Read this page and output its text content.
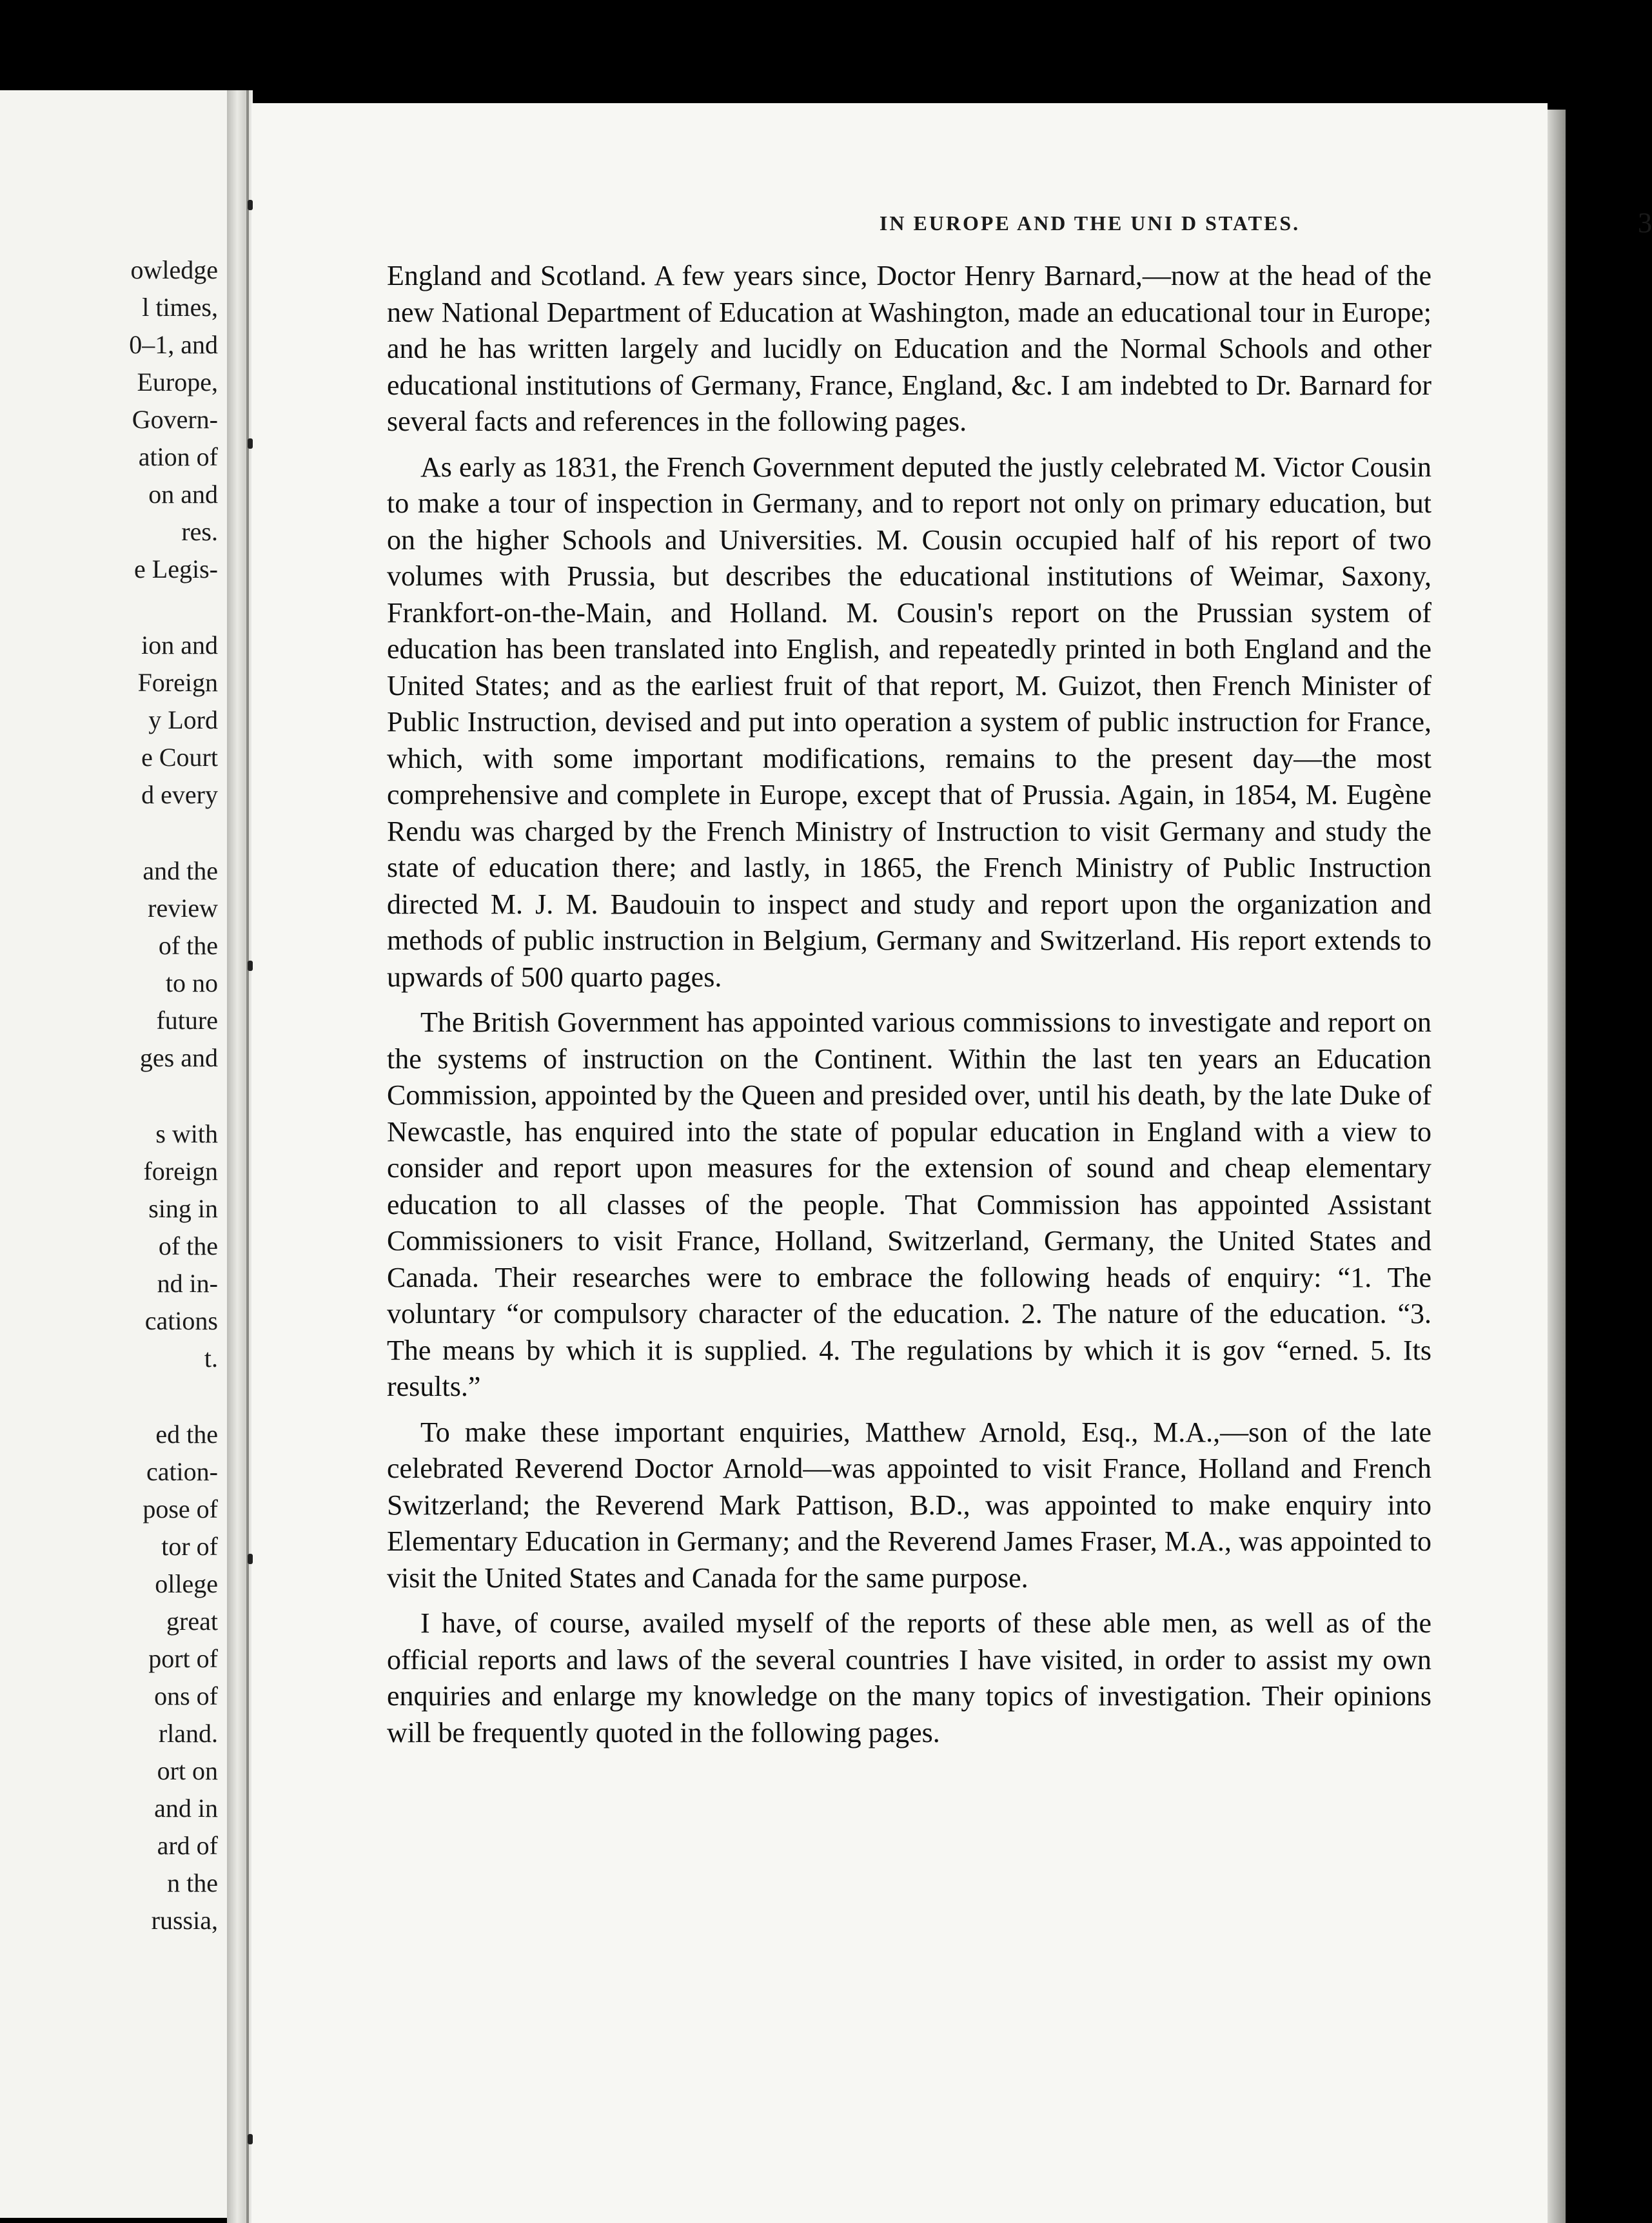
owledge
l times,
0–1, and
Europe,
Govern-
ation of
on and
res.
e Legis-
ion and
Foreign
y Lord
e Court
d every
and the
review
of the
to no
future
ges and
s with
foreign
sing in
of the
nd in-
cations
t.
ed the
cation-
pose of
tor of
ollege
great
port of
ons of
rland.
ort on
and in
ard of
n the
russia,
IN EUROPE AND THE UNI D STATES.	3

England and Scotland. A few years since, Doctor Henry Barnard,—now at the head of the new National Department of Education at Washington, made an educational tour in Europe; and he has written largely and lucidly on Education and the Normal Schools and other educational institutions of Germany, France, England, &c. I am indebted to Dr. Barnard for several facts and references in the following pages.

As early as 1831, the French Government deputed the justly celebrated M. Victor Cousin to make a tour of inspection in Germany, and to report not only on primary education, but on the higher Schools and Universities. M. Cousin occupied half of his report of two volumes with Prussia, but describes the educational institutions of Weimar, Saxony, Frankfort-on-the-Main, and Holland. M. Cousin's report on the Prussian system of education has been translated into English, and repeatedly printed in both England and the United States; and as the earliest fruit of that report, M. Guizot, then French Minister of Public Instruction, devised and put into operation a system of public instruction for France, which, with some important modifications, remains to the present day—the most comprehensive and complete in Europe, except that of Prussia. Again, in 1854, M. Eugène Rendu was charged by the French Ministry of Instruction to visit Germany and study the state of education there; and lastly, in 1865, the French Ministry of Public Instruction directed M. J. M. Baudouin to inspect and study and report upon the organization and methods of public instruction in Belgium, Germany and Switzerland. His report extends to upwards of 500 quarto pages.

The British Government has appointed various commissions to investigate and report on the systems of instruction on the Continent. Within the last ten years an Education Commission, appointed by the Queen and presided over, until his death, by the late Duke of Newcastle, has enquired into the state of popular education in England with a view to consider and report upon measures for the extension of sound and cheap elementary education to all classes of the people. That Commission has appointed Assistant Commissioners to visit France, Holland, Switzerland, Germany, the United States and Canada. Their researches were to embrace the following heads of enquiry: “1. The voluntary “or compulsory character of the education. 2. The nature of the education. “3. The means by which it is supplied. 4. The regulations by which it is gov “erned. 5. Its results.”

To make these important enquiries, Matthew Arnold, Esq., M.A.,—son of the late celebrated Reverend Doctor Arnold—was appointed to visit France, Holland and French Switzerland; the Reverend Mark Pattison, B.D., was appointed to make enquiry into Elementary Education in Germany; and the Reverend James Fraser, M.A., was appointed to visit the United States and Canada for the same purpose.

I have, of course, availed myself of the reports of these able men, as well as of the official reports and laws of the several countries I have visited, in order to assist my own enquiries and enlarge my knowledge on the many topics of investigation. Their opinions will be frequently quoted in the following pages.
